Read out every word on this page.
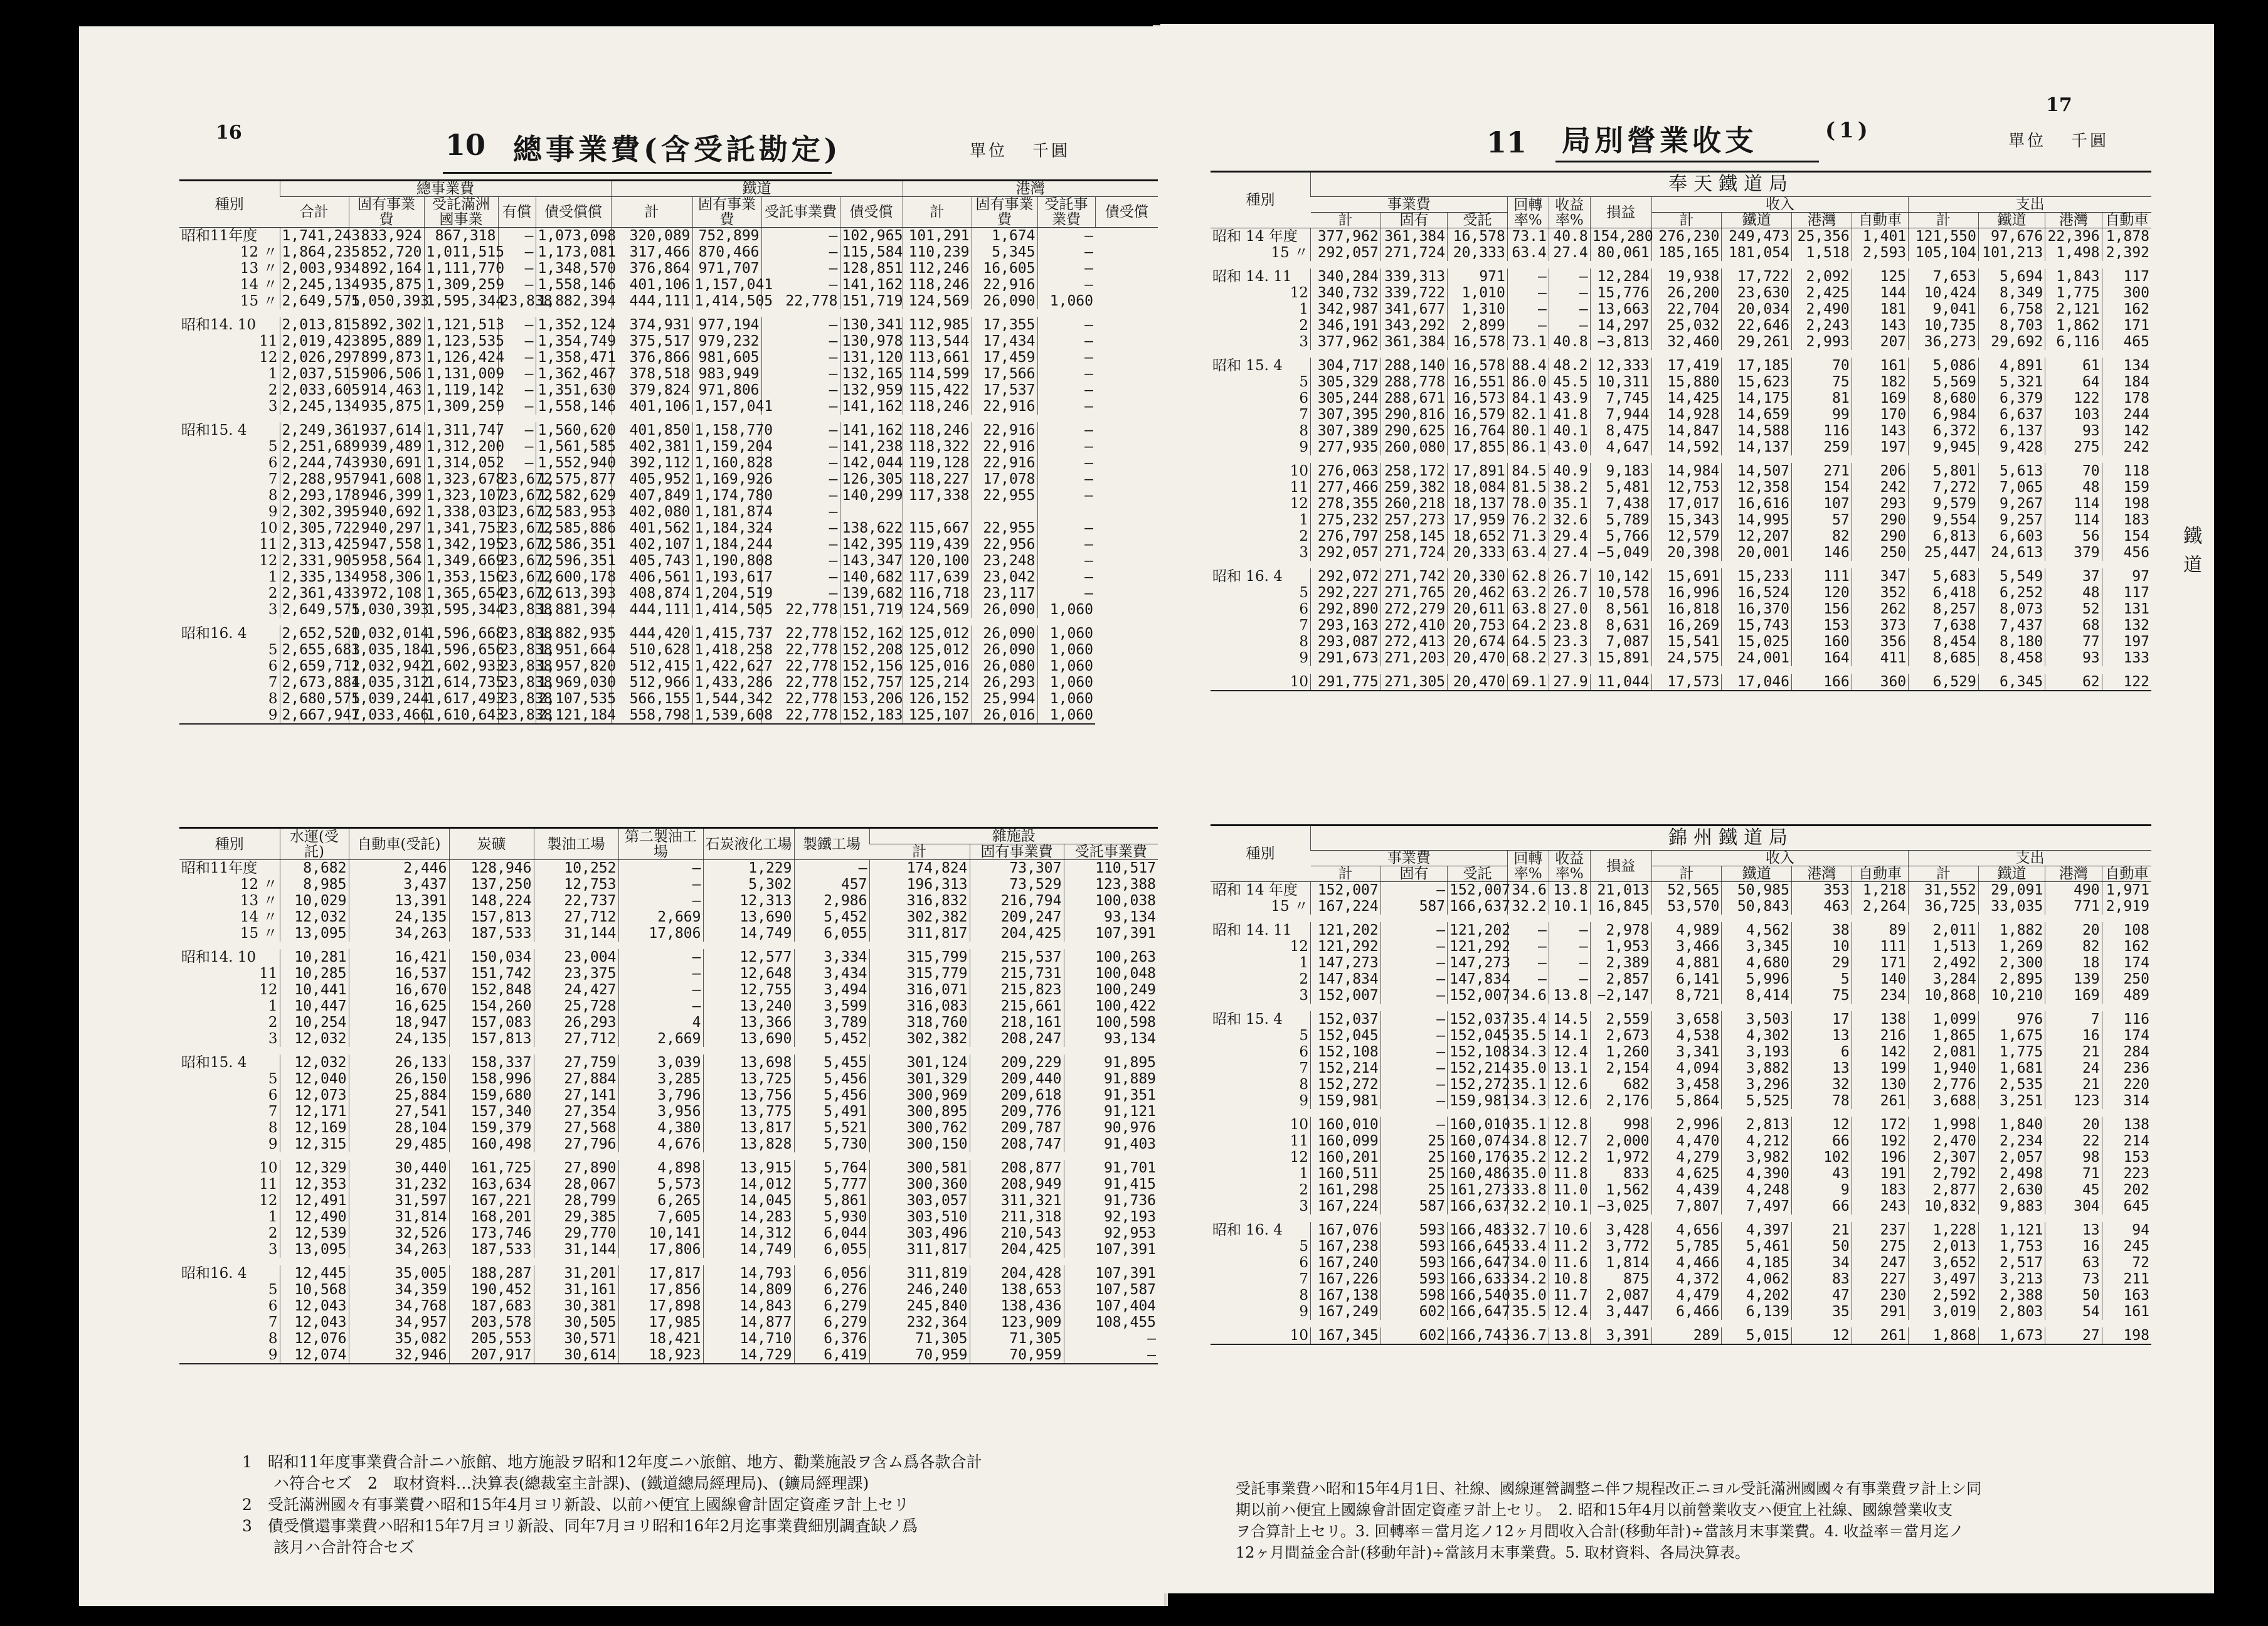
16	10 總事業費(含受託勘定)	單位 千圓
種別	總事業費					鐵道				港灣			
	合計	固有事業費	受託滿洲國事業	有償	債受償償	計	固有事業費	受託事業費	債受償	計	固有事業費	受託事業費	債受償
昭和11年度	1,741,243	833,924	867,318	—	1,073,098	320,089	752,899	—	102,965	101,291	1,674	—	
12 〃	1,864,235	852,720	1,011,515	—	1,173,081	317,466	870,466	—	115,584	110,239	5,345	—	
13 〃	2,003,934	892,164	1,111,770	—	1,348,570	376,864	971,707	—	128,851	112,246	16,605	—	
14 〃	2,245,134	935,875	1,309,259	—	1,558,146	401,106	1,157,041	—	141,162	118,246	22,916	—	
15 〃	2,649,575	1,050,393	1,595,344	23,838	1,882,394	444,111	1,414,505	22,778	151,719	124,569	26,090	1,060	

昭和14. 10	2,013,815	892,302	1,121,513	—	1,352,124	374,931	977,194	—	130,341	112,985	17,355	—	
11	2,019,423	895,889	1,123,535	—	1,354,749	375,517	979,232	—	130,978	113,544	17,434	—	
12	2,026,297	899,873	1,126,424	—	1,358,471	376,866	981,605	—	131,120	113,661	17,459	—	
1	2,037,515	906,506	1,131,009	—	1,362,467	378,518	983,949	—	132,165	114,599	17,566	—	
2	2,033,605	914,463	1,119,142	—	1,351,630	379,824	971,806	—	132,959	115,422	17,537	—	
3	2,245,134	935,875	1,309,259	—	1,558,146	401,106	1,157,041	—	141,162	118,246	22,916	—	

昭和15. 4	2,249,361	937,614	1,311,747	—	1,560,620	401,850	1,158,770	—	141,162	118,246	22,916	—	
5	2,251,689	939,489	1,312,200	—	1,561,585	402,381	1,159,204	—	141,238	118,322	22,916	—	
6	2,244,743	930,691	1,314,052	—	1,552,940	392,112	1,160,828	—	142,044	119,128	22,916	—	
7	2,288,957	941,608	1,323,678	23,672	1,575,877	405,952	1,169,926	—	126,305	118,227	17,078	—	
8	2,293,178	946,399	1,323,107	23,672	1,582,629	407,849	1,174,780	—	140,299	117,338	22,955	—	
9	2,302,395	940,692	1,338,031	23,672	1,583,953	402,080	1,181,874	—					
10	2,305,722	940,297	1,341,753	23,672	1,585,886	401,562	1,184,324	—	138,622	115,667	22,955	—	
11	2,313,425	947,558	1,342,195	23,672	1,586,351	402,107	1,184,244	—	142,395	119,439	22,956	—	
12	2,331,905	958,564	1,349,669	23,672	1,596,351	405,743	1,190,808	—	143,347	120,100	23,248	—	
1	2,335,134	958,306	1,353,156	23,672	1,600,178	406,561	1,193,617	—	140,682	117,639	23,042	—	
2	2,361,433	972,108	1,365,654	23,672	1,613,393	408,874	1,204,519	—	139,682	116,718	23,117	—	
3	2,649,575	1,030,393	1,595,344	23,838	1,881,394	444,111	1,414,505	22,778	151,719	124,569	26,090	1,060	

昭和16. 4	2,652,520	1,032,014	1,596,668	23,838	1,882,935	444,420	1,415,737	22,778	152,162	125,012	26,090	1,060	
5	2,655,683	1,035,184	1,596,656	23,838	1,951,664	510,628	1,418,258	22,778	152,208	125,012	26,090	1,060	
6	2,659,712	1,032,942	1,602,933	23,838	1,957,820	512,415	1,422,627	22,778	152,156	125,016	26,080	1,060	
7	2,673,884	1,035,312	1,614,735	23,838	1,969,030	512,966	1,433,286	22,778	152,757	125,214	26,293	1,060	
8	2,680,575	1,039,244	1,617,493	23,838	2,107,535	566,155	1,544,342	22,778	153,206	126,152	25,994	1,060	
9	2,667,947	1,033,466	1,610,643	23,838	2,121,184	558,798	1,539,608	22,778	152,183	125,107	26,016	1,060	
種別	水運(受託)	自動車(受託)	炭礦	製油工場	第二製油工場	石炭液化工場	製鐵工場	雜施設		
								計	固有事業費	受託事業費
昭和11年度	8,682	2,446	128,946	10,252	—	1,229	—	174,824	73,307	110,517
12 〃	8,985	3,437	137,250	12,753	—	5,302	457	196,313	73,529	123,388
13 〃	10,029	13,391	148,224	22,737	—	12,313	2,986	316,832	216,794	100,038
14 〃	12,032	24,135	157,813	27,712	2,669	13,690	5,452	302,382	209,247	93,134
15 〃	13,095	34,263	187,533	31,144	17,806	14,749	6,055	311,817	204,425	107,391

昭和14. 10	10,281	16,421	150,034	23,004	—	12,577	3,334	315,799	215,537	100,263
11	10,285	16,537	151,742	23,375	—	12,648	3,434	315,779	215,731	100,048
12	10,441	16,670	152,848	24,427	—	12,755	3,494	316,071	215,823	100,249
1	10,447	16,625	154,260	25,728	—	13,240	3,599	316,083	215,661	100,422
2	10,254	18,947	157,083	26,293	4	13,366	3,789	318,760	218,161	100,598
3	12,032	24,135	157,813	27,712	2,669	13,690	5,452	302,382	208,247	93,134

昭和15. 4	12,032	26,133	158,337	27,759	3,039	13,698	5,455	301,124	209,229	91,895
5	12,040	26,150	158,996	27,884	3,285	13,725	5,456	301,329	209,440	91,889
6	12,073	25,884	159,680	27,141	3,796	13,756	5,456	300,969	209,618	91,351
7	12,171	27,541	157,340	27,354	3,956	13,775	5,491	300,895	209,776	91,121
8	12,169	28,104	159,379	27,568	4,380	13,817	5,521	300,762	209,787	90,976
9	12,315	29,485	160,498	27,796	4,676	13,828	5,730	300,150	208,747	91,403

10	12,329	30,440	161,725	27,890	4,898	13,915	5,764	300,581	208,877	91,701
11	12,353	31,232	163,634	28,067	5,573	14,012	5,777	300,360	208,949	91,415
12	12,491	31,597	167,221	28,799	6,265	14,045	5,861	303,057	311,321	91,736
1	12,490	31,814	168,201	29,385	7,605	14,283	5,930	303,510	211,318	92,193
2	12,539	32,526	173,746	29,770	10,141	14,312	6,044	303,496	210,543	92,953
3	13,095	34,263	187,533	31,144	17,806	14,749	6,055	311,817	204,425	107,391

昭和16. 4	12,445	35,005	188,287	31,201	17,817	14,793	6,056	311,819	204,428	107,391
5	10,568	34,359	190,452	31,161	17,856	14,809	6,276	246,240	138,653	107,587
6	12,043	34,768	187,683	30,381	17,898	14,843	6,279	245,840	138,436	107,404
7	12,043	34,957	203,578	30,505	17,985	14,877	6,279	232,364	123,909	108,455
8	12,076	35,082	205,553	30,571	18,421	14,710	6,376	71,305	71,305	—
9	12,074	32,946	207,917	30,614	18,923	14,729	6,419	70,959	70,959	—
1　昭和11年度事業費合計ニハ旅館、地方施設ヲ昭和12年度ニハ旅館、地方、勸業施設ヲ含ム爲各款合計
　　ハ符合セズ　2　取材資料…決算表(總裁室主計課)、(鐵道總局經理局)、(鑛局經理課)
2　受託滿洲國々有事業費ハ昭和15年4月ヨリ新設、以前ハ便宜上國線會計固定資產ヲ計上セリ
3　債受償還事業費ハ昭和15年7月ヨリ新設、同年7月ヨリ昭和16年2月迄事業費細別調査缺ノ爲
　　該月ハ合計符合セズ
17
11 局別營業收支	(1)	單位 千圓
鐵道
種別	奉天鐵道局													
	事業費			回轉率%	收益率%	損益	收入				支出			
	計	固有	受託				計	鐵道	港灣	自動車	計	鐵道	港灣	自動車
昭和 14 年度	377,962	361,384	16,578	73.1	40.8	154,280	276,230	249,473	25,356	1,401	121,550	97,676	22,396	1,878
15 〃	292,057	271,724	20,333	63.4	27.4	80,061	185,165	181,054	1,518	2,593	105,104	101,213	1,498	2,392

昭和 14. 11	340,284	339,313	971	—	—	12,284	19,938	17,722	2,092	125	7,653	5,694	1,843	117
12	340,732	339,722	1,010	—	—	15,776	26,200	23,630	2,425	144	10,424	8,349	1,775	300
1	342,987	341,677	1,310	—	—	13,663	22,704	20,034	2,490	181	9,041	6,758	2,121	162
2	346,191	343,292	2,899	—	—	14,297	25,032	22,646	2,243	143	10,735	8,703	1,862	171
3	377,962	361,384	16,578	73.1	40.8	−3,813	32,460	29,261	2,993	207	36,273	29,692	6,116	465

昭和 15. 4	304,717	288,140	16,578	88.4	48.2	12,333	17,419	17,185	70	161	5,086	4,891	61	134
5	305,329	288,778	16,551	86.0	45.5	10,311	15,880	15,623	75	182	5,569	5,321	64	184
6	305,244	288,671	16,573	84.1	43.9	7,745	14,425	14,175	81	169	8,680	6,379	122	178
7	307,395	290,816	16,579	82.1	41.8	7,944	14,928	14,659	99	170	6,984	6,637	103	244
8	307,389	290,625	16,764	80.1	40.1	8,475	14,847	14,588	116	143	6,372	6,137	93	142
9	277,935	260,080	17,855	86.1	43.0	4,647	14,592	14,137	259	197	9,945	9,428	275	242

10	276,063	258,172	17,891	84.5	40.9	9,183	14,984	14,507	271	206	5,801	5,613	70	118
11	277,466	259,382	18,084	81.5	38.2	5,481	12,753	12,358	154	242	7,272	7,065	48	159
12	278,355	260,218	18,137	78.0	35.1	7,438	17,017	16,616	107	293	9,579	9,267	114	198
1	275,232	257,273	17,959	76.2	32.6	5,789	15,343	14,995	57	290	9,554	9,257	114	183
2	276,797	258,145	18,652	71.3	29.4	5,766	12,579	12,207	82	290	6,813	6,603	56	154
3	292,057	271,724	20,333	63.4	27.4	−5,049	20,398	20,001	146	250	25,447	24,613	379	456

昭和 16. 4	292,072	271,742	20,330	62.8	26.7	10,142	15,691	15,233	111	347	5,683	5,549	37	97
5	292,227	271,765	20,462	63.2	26.7	10,578	16,996	16,524	120	352	6,418	6,252	48	117
6	292,890	272,279	20,611	63.8	27.0	8,561	16,818	16,370	156	262	8,257	8,073	52	131
7	293,163	272,410	20,753	64.2	23.8	8,631	16,269	15,743	153	373	7,638	7,437	68	132
8	293,087	272,413	20,674	64.5	23.3	7,087	15,541	15,025	160	356	8,454	8,180	77	197
9	291,673	271,203	20,470	68.2	27.3	15,891	24,575	24,001	164	411	8,685	8,458	93	133

10	291,775	271,305	20,470	69.1	27.9	11,044	17,573	17,046	166	360	6,529	6,345	62	122
種別	錦州鐵道局													
	事業費			回轉率%	收益率%	損益	收入				支出			
	計	固有	受託				計	鐵道	港灣	自動車	計	鐵道	港灣	自動車
昭和 14 年度	152,007	—	152,007	34.6	13.8	21,013	52,565	50,985	353	1,218	31,552	29,091	490	1,971
15 〃	167,224	587	166,637	32.2	10.1	16,845	53,570	50,843	463	2,264	36,725	33,035	771	2,919

昭和 14. 11	121,202	—	121,202	—	—	2,978	4,989	4,562	38	89	2,011	1,882	20	108
12	121,292	—	121,292	—	—	1,953	3,466	3,345	10	111	1,513	1,269	82	162
1	147,273	—	147,273	—	—	2,389	4,881	4,680	29	171	2,492	2,300	18	174
2	147,834	—	147,834	—	—	2,857	6,141	5,996	5	140	3,284	2,895	139	250
3	152,007	—	152,007	34.6	13.8	−2,147	8,721	8,414	75	234	10,868	10,210	169	489

昭和 15. 4	152,037	—	152,037	35.4	14.5	2,559	3,658	3,503	17	138	1,099	976	7	116
5	152,045	—	152,045	35.5	14.1	2,673	4,538	4,302	13	216	1,865	1,675	16	174
6	152,108	—	152,108	34.3	12.4	1,260	3,341	3,193	6	142	2,081	1,775	21	284
7	152,214	—	152,214	35.0	13.1	2,154	4,094	3,882	13	199	1,940	1,681	24	236
8	152,272	—	152,272	35.1	12.6	682	3,458	3,296	32	130	2,776	2,535	21	220
9	159,981	—	159,981	34.3	12.6	2,176	5,864	5,525	78	261	3,688	3,251	123	314

10	160,010	—	160,010	35.1	12.8	998	2,996	2,813	12	172	1,998	1,840	20	138
11	160,099	25	160,074	34.8	12.7	2,000	4,470	4,212	66	192	2,470	2,234	22	214
12	160,201	25	160,176	35.2	12.2	1,972	4,279	3,982	102	196	2,307	2,057	98	153
1	160,511	25	160,486	35.0	11.8	833	4,625	4,390	43	191	2,792	2,498	71	223
2	161,298	25	161,273	33.8	11.0	1,562	4,439	4,248	9	183	2,877	2,630	45	202
3	167,224	587	166,637	32.2	10.1	−3,025	7,807	7,497	66	243	10,832	9,883	304	645

昭和 16. 4	167,076	593	166,483	32.7	10.6	3,428	4,656	4,397	21	237	1,228	1,121	13	94
5	167,238	593	166,645	33.4	11.2	3,772	5,785	5,461	50	275	2,013	1,753	16	245
6	167,240	593	166,647	34.0	11.6	1,814	4,466	4,185	34	247	3,652	2,517	63	72
7	167,226	593	166,633	34.2	10.8	875	4,372	4,062	83	227	3,497	3,213	73	211
8	167,138	598	166,540	35.0	11.7	2,087	4,479	4,202	47	230	2,592	2,388	50	163
9	167,249	602	166,647	35.5	12.4	3,447	6,466	6,139	35	291	3,019	2,803	54	161

10	167,345	602	166,743	36.7	13.8	3,391	289	5,015	12	261	1,868	1,673	27	198
受託事業費ハ昭和15年4月1日、社線、國線運營調整ニ伴フ規程改正ニヨル受託滿洲國國々有事業費ヲ計上シ同
期以前ハ便宜上國線會計固定資產ヲ計上セリ。　2. 昭和15年4月以前營業收支ハ便宜上社線、國線營業收支
ヲ合算計上セリ。3. 回轉率＝當月迄ノ12ヶ月間收入合計(移動年計)÷當該月末事業費。4. 收益率＝當月迄ノ
12ヶ月間益金合計(移動年計)÷當該月末事業費。5. 取材資料、各局決算表。
